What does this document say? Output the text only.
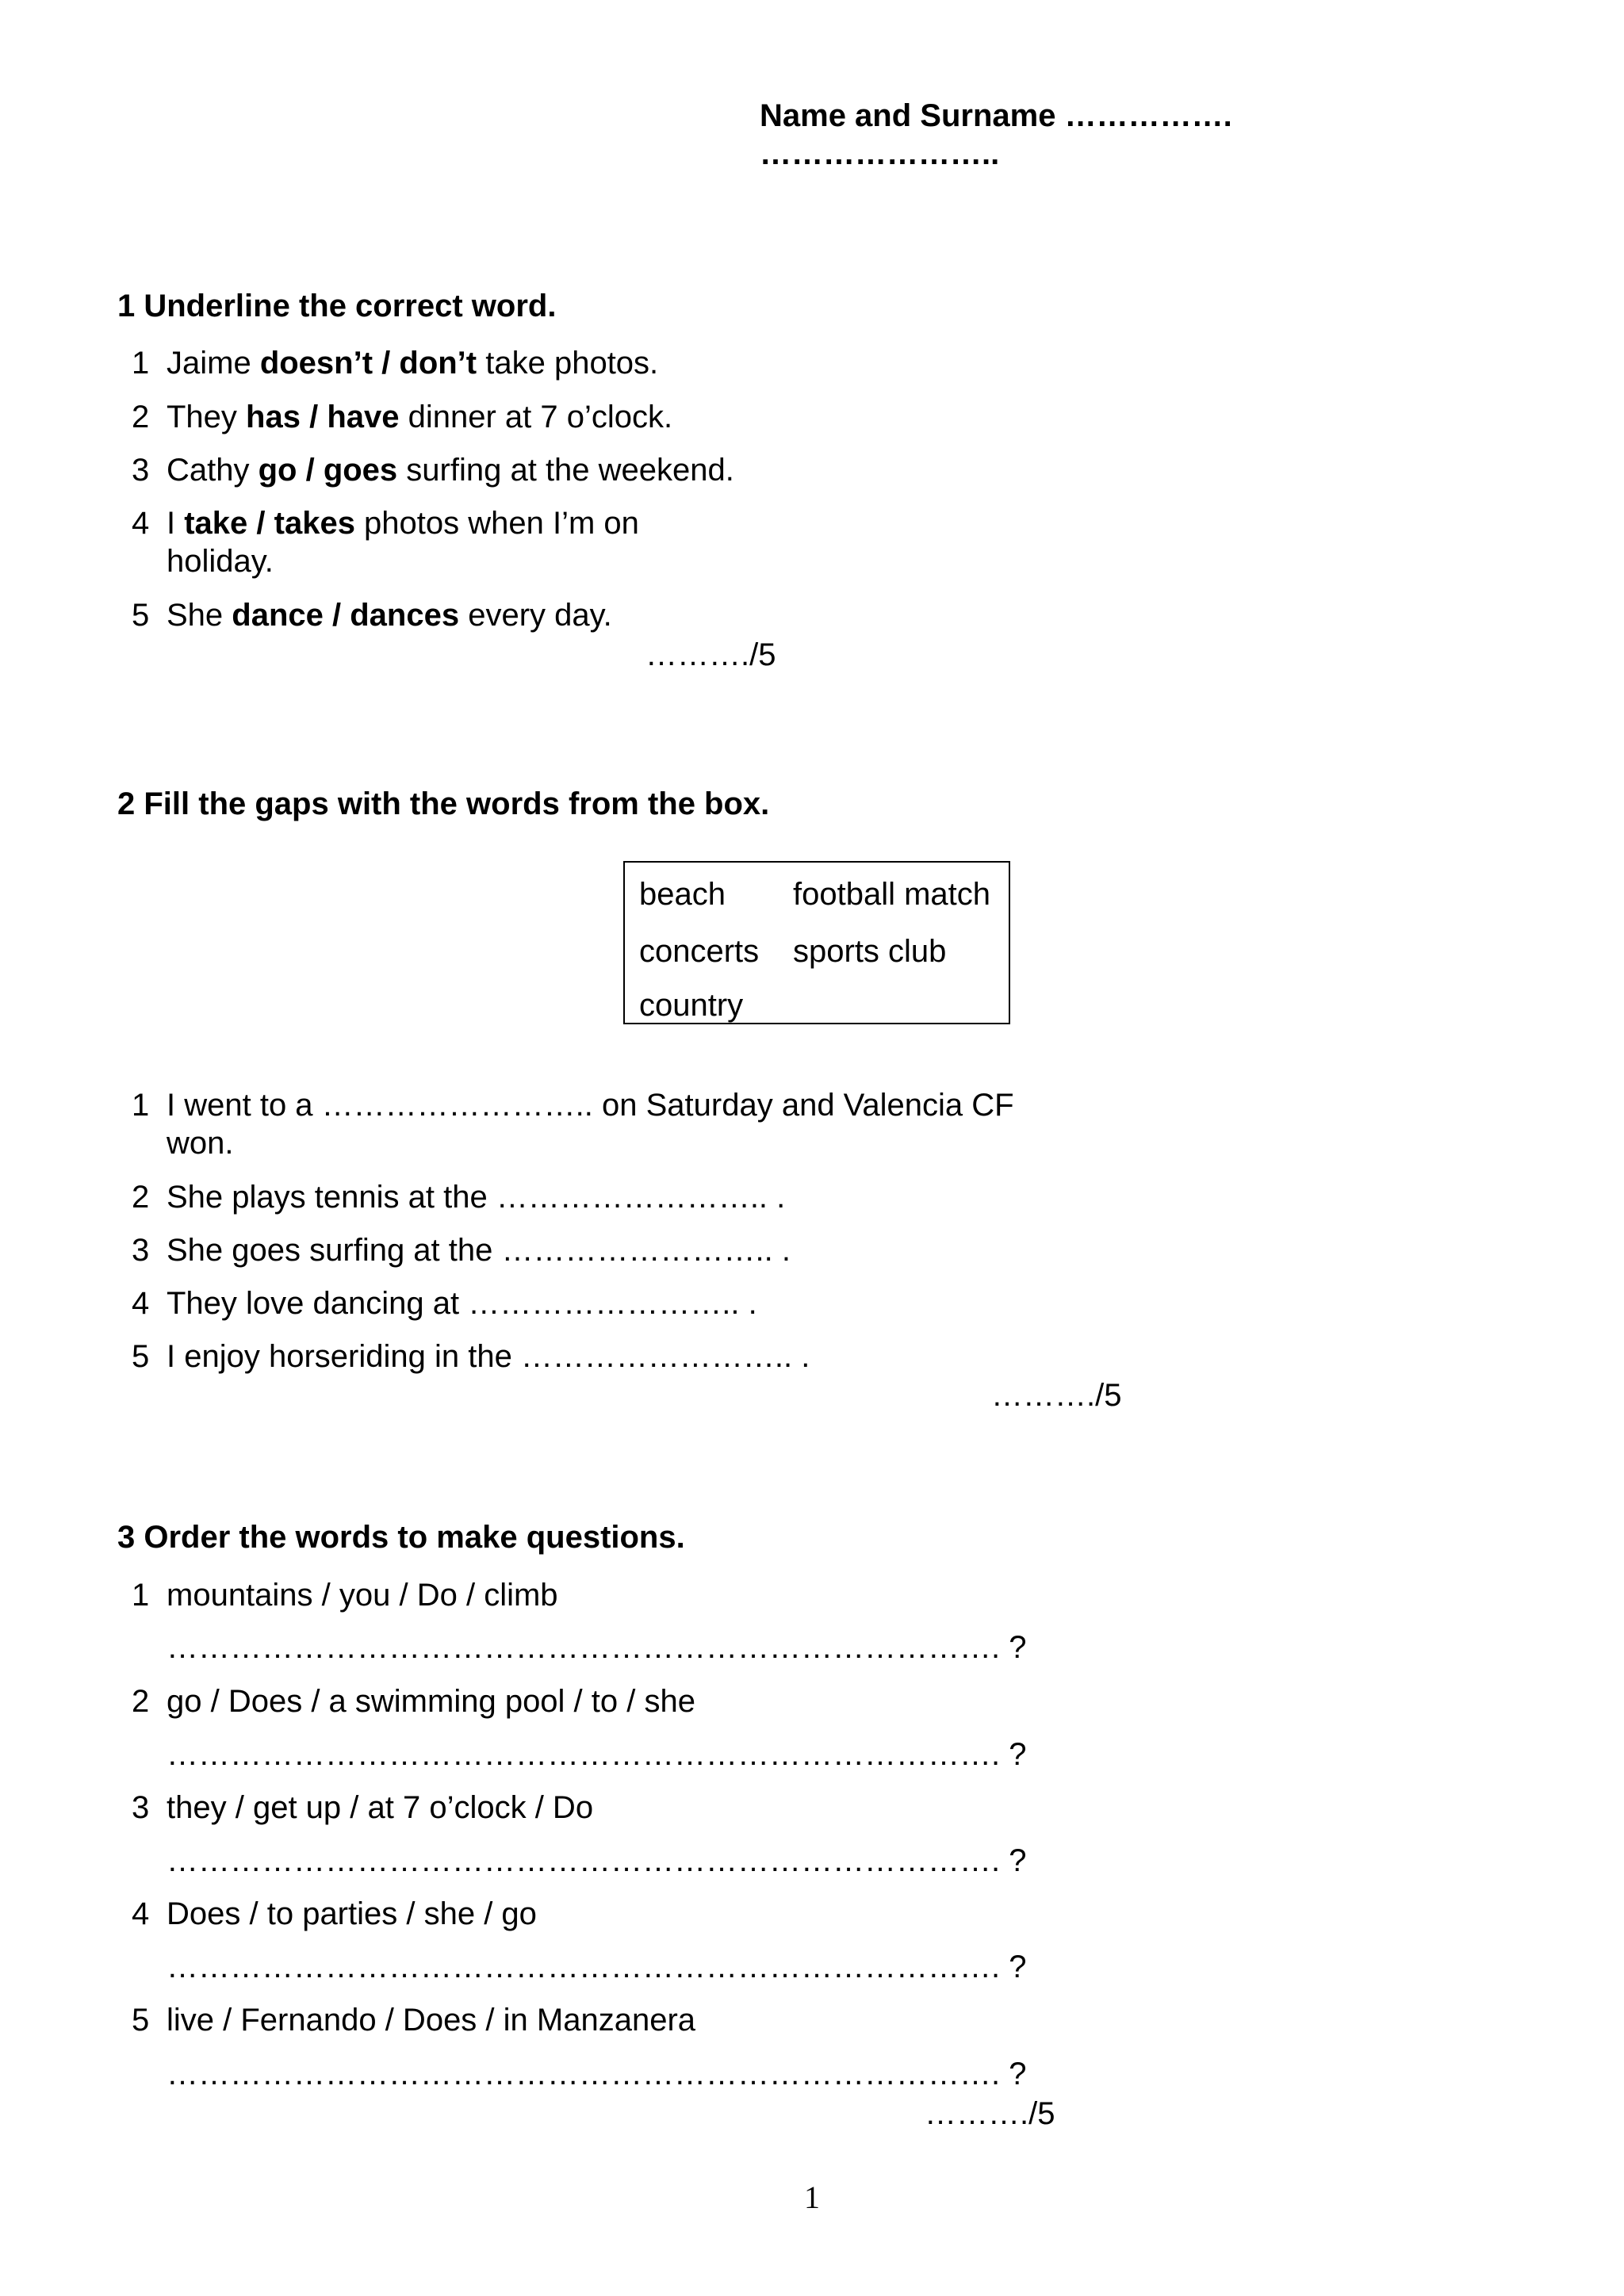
Name and Surname …………….
…………………..
1 Underline the correct word.
1 Jaime doesn’t / don’t take photos.
2 They has / have dinner at 7 o’clock.
3 Cathy go / goes surfing at the weekend.
4 I take / takes photos when I’m on
holiday.
5 She dance / dances every day.
………./5
2 Fill the gaps with the words from the box.
beach football match
concerts sports club
country
1 I went to a …………………….. on Saturday and Valencia CF
won.
2 She plays tennis at the …………………….. .
3 She goes surfing at the …………………….. .
4 They love dancing at …………………….. .
5 I enjoy horseriding in the …………………….. .
………./5
3 Order the words to make questions.
1 mountains / you / Do / climb
……………………………………………………………………. ?
2 go / Does / a swimming pool / to / she
……………………………………………………………………. ?
3 they / get up / at 7 o’clock / Do
……………………………………………………………………. ?
4 Does / to parties / she / go
……………………………………………………………………. ?
5 live / Fernando / Does / in Manzanera
……………………………………………………………………. ?
………./5
1
